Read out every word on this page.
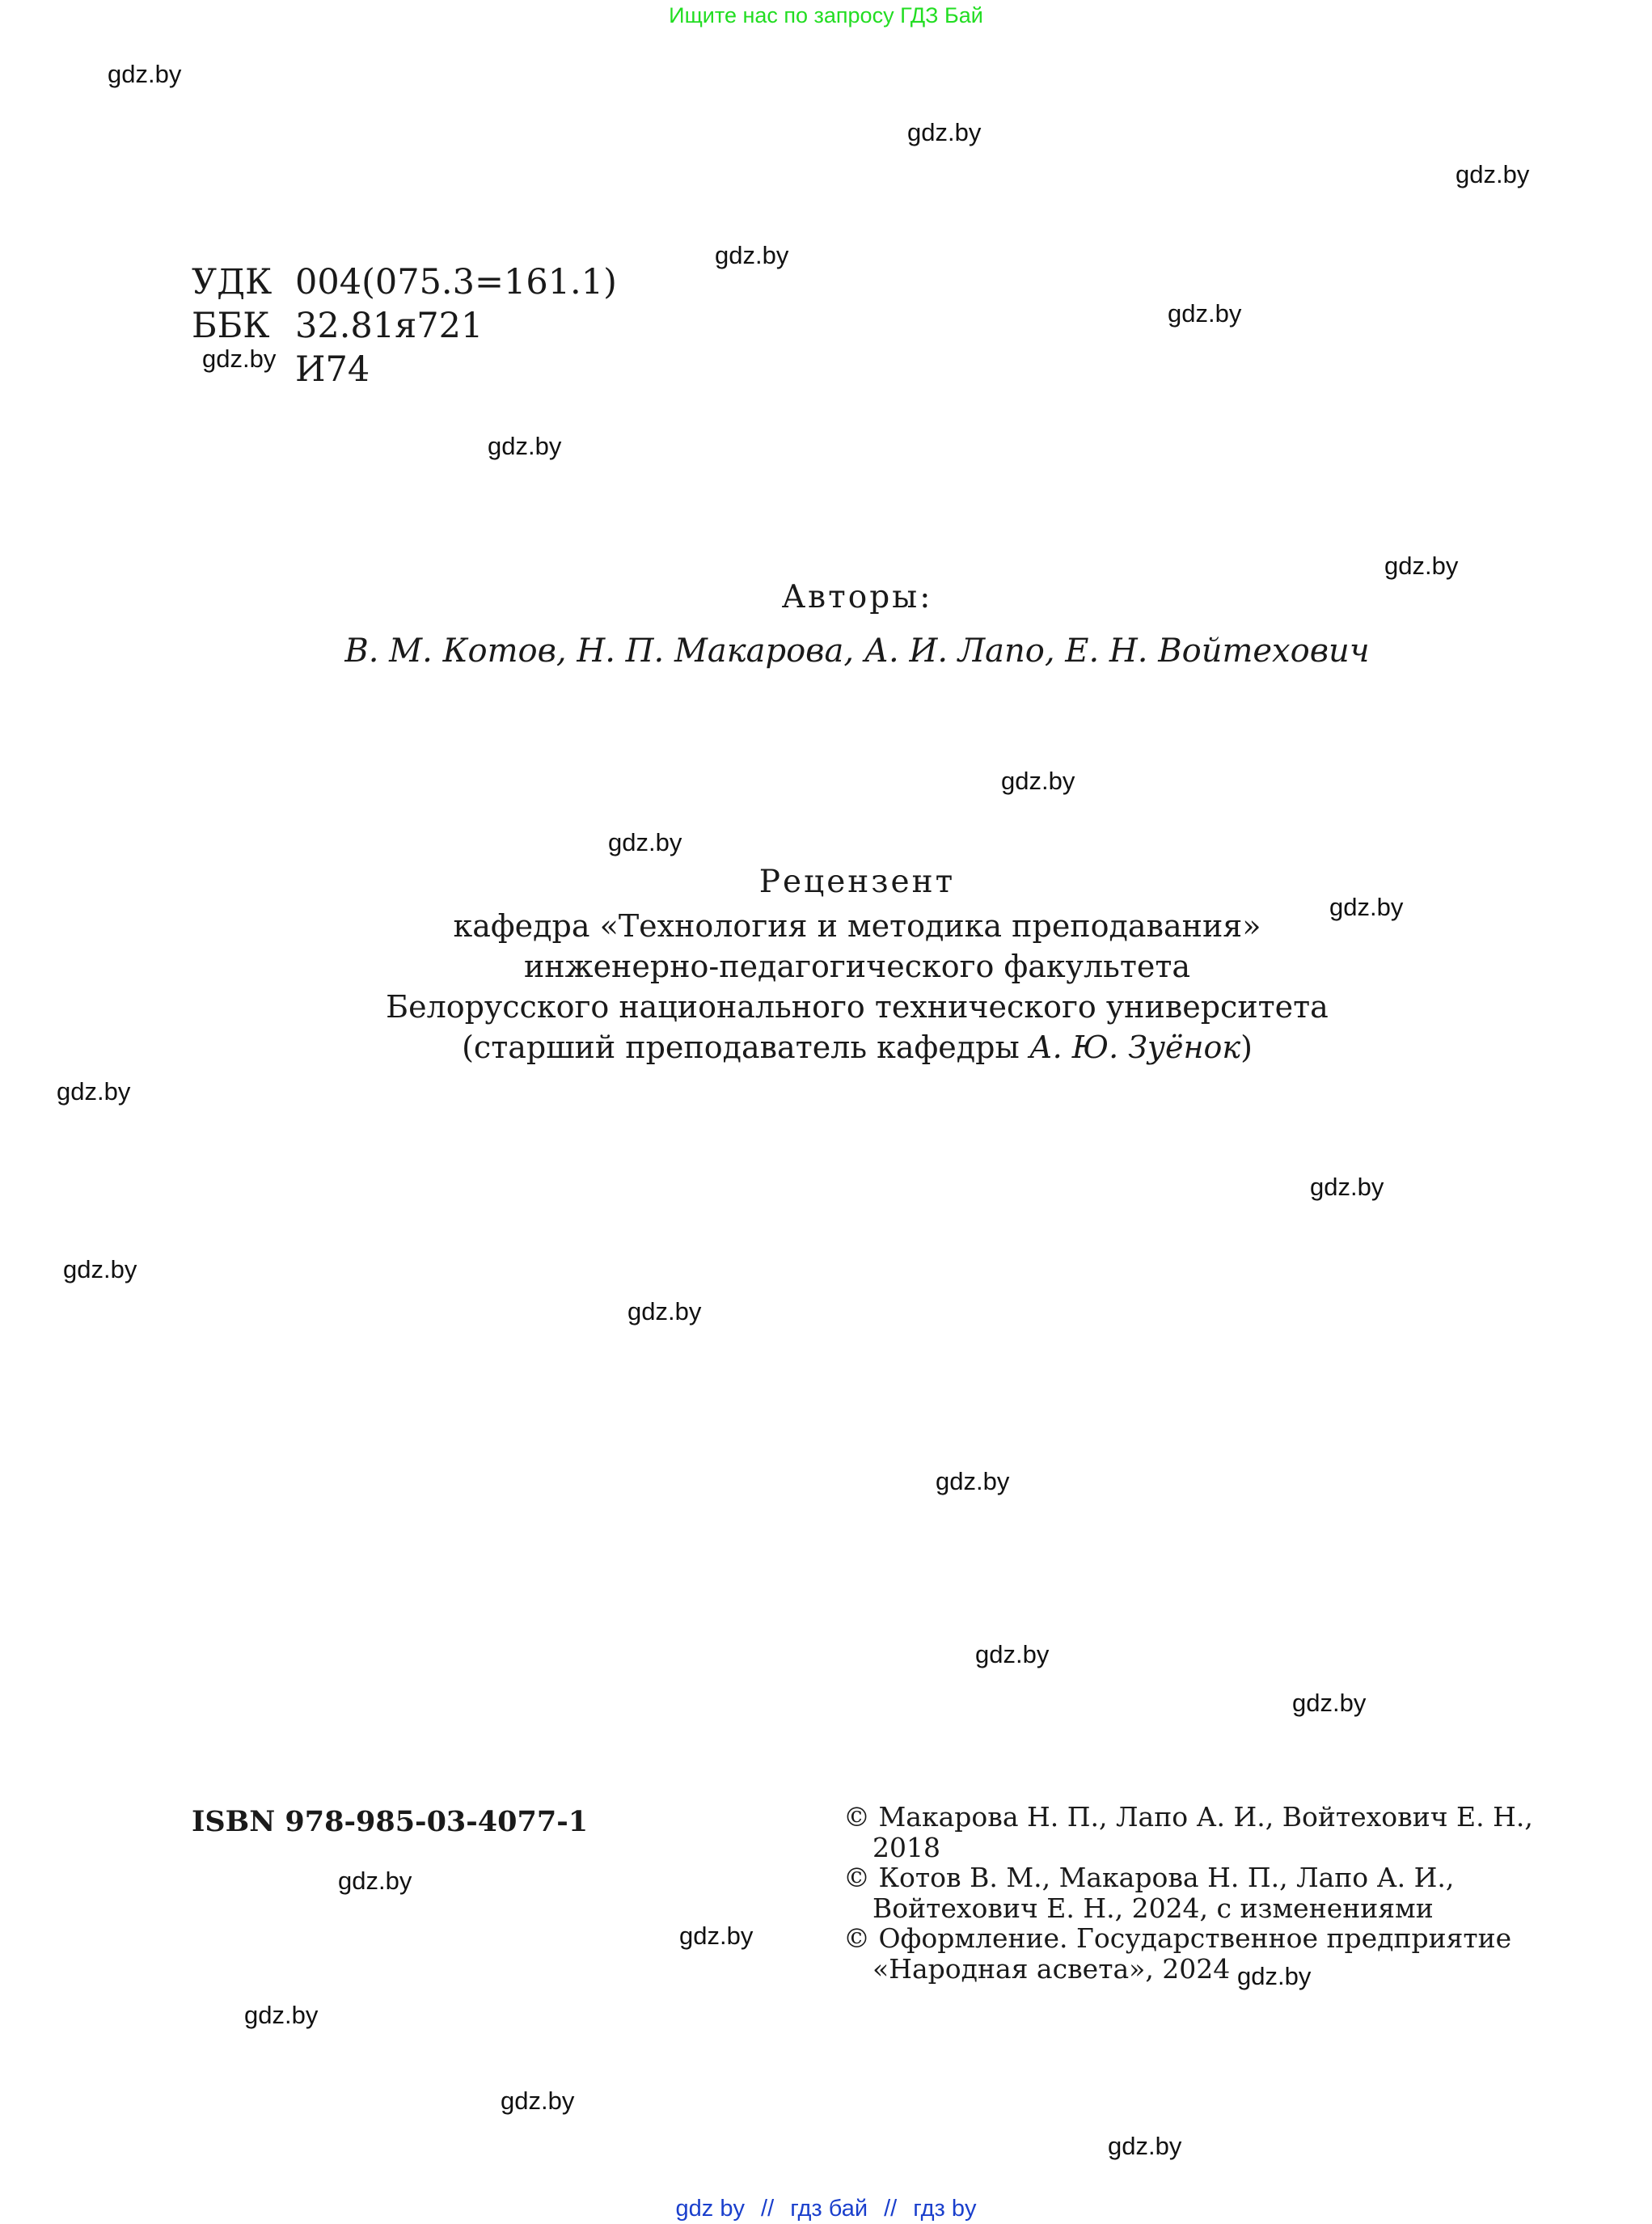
Ищите нас по запросу ГДЗ Бай
gdz.by
gdz.by
gdz.by
gdz.by
gdz.by
gdz.by
gdz.by
gdz.by
gdz.by
gdz.by
gdz.by
gdz.by
gdz.by
gdz.by
gdz.by
gdz.by
gdz.by
gdz.by
gdz.by
gdz.by
gdz.by
gdz.by
gdz.by
gdz.by
УДК 004(075.3=161.1)
ББК 32.81я721
И74
Авторы:
В. М. Котов, Н. П. Макарова, А. И. Лапо, Е. Н. Войтехович
Рецензент
кафедра «Технология и методика преподавания»
инженерно-педагогического факультета
Белорусского национального технического университета
(старший преподаватель кафедры А. Ю. Зуёнок)
ISBN 978-985-03-4077-1	© Макарова Н. П., Лапо А. И., Войтехович Е. Н., 2018
© Котов В. М., Макарова Н. П., Лапо А. И., Войтехович Е. Н., 2024, с изменениями
© Оформление. Государственное предприятие «Народная асвета», 2024
gdz by // гдз бай // гдз by
